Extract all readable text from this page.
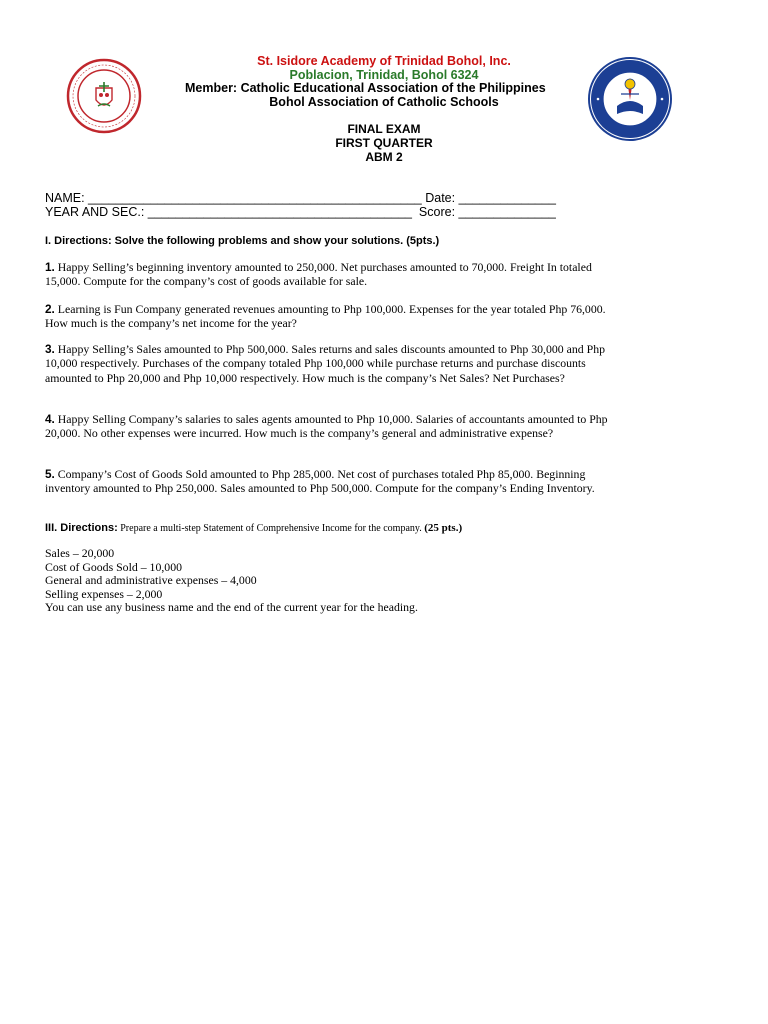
St. Isidore Academy of Trinidad Bohol, Inc.
Poblacion, Trinidad, Bohol 6324
Member: Catholic Educational Association of the Philippines
Bohol Association of Catholic Schools
FINAL EXAM
FIRST QUARTER
ABM 2
NAME: ________________________________________________ Date: ______________
YEAR AND SEC.: ______________________________________  Score: ______________
I. Directions: Solve the following problems and show your solutions. (5pts.)
1. Happy Selling’s beginning inventory amounted to 250,000. Net purchases amounted to 70,000. Freight In totaled 15,000. Compute for the company’s cost of goods available for sale.
2. Learning is Fun Company generated revenues amounting to Php 100,000. Expenses for the year totaled Php 76,000. How much is the company’s net income for the year?
3. Happy Selling’s Sales amounted to Php 500,000. Sales returns and sales discounts amounted to Php 30,000 and Php 10,000 respectively. Purchases of the company totaled Php 100,000 while purchase returns and purchase discounts amounted to Php 20,000 and Php 10,000 respectively. How much is the company’s Net Sales? Net Purchases?
4. Happy Selling Company’s salaries to sales agents amounted to Php 10,000. Salaries of accountants amounted to Php 20,000. No other expenses were incurred. How much is the company’s general and administrative expense?
5. Company’s Cost of Goods Sold amounted to Php 285,000. Net cost of purchases totaled Php 85,000. Beginning inventory amounted to Php 250,000. Sales amounted to Php 500,000. Compute for the company’s Ending Inventory.
III. Directions: Prepare a multi-step Statement of Comprehensive Income for the company. (25 pts.)
Sales – 20,000
Cost of Goods Sold – 10,000
General and administrative expenses – 4,000
Selling expenses – 2,000
You can use any business name and the end of the current year for the heading.
